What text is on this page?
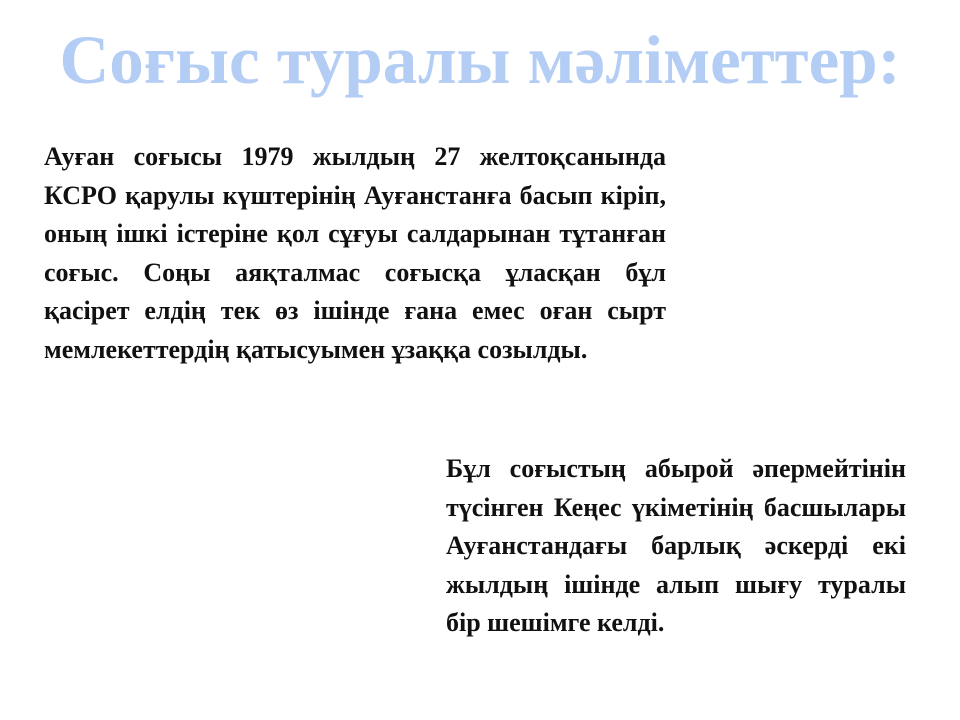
Соғыс туралы мәліметтер:

Ауған соғысы 1979 жылдың 27 желтоқсанында КСРО қарулы күштерінің Ауғанстанға басып кіріп, оның ішкі істеріне қол сұғуы салдарынан тұтанған соғыс. Соңы аяқталмас соғысқа ұласқан бұл қасірет елдің тек өз ішінде ғана емес оған сырт мемлекеттердің қатысуымен ұзаққа созылды.

Бұл соғыстың абырой әпермейтінін түсінген Кеңес үкіметінің басшылары Ауғанстандағы барлық әскерді екі жылдың ішінде алып шығу туралы бір шешімге келді.
